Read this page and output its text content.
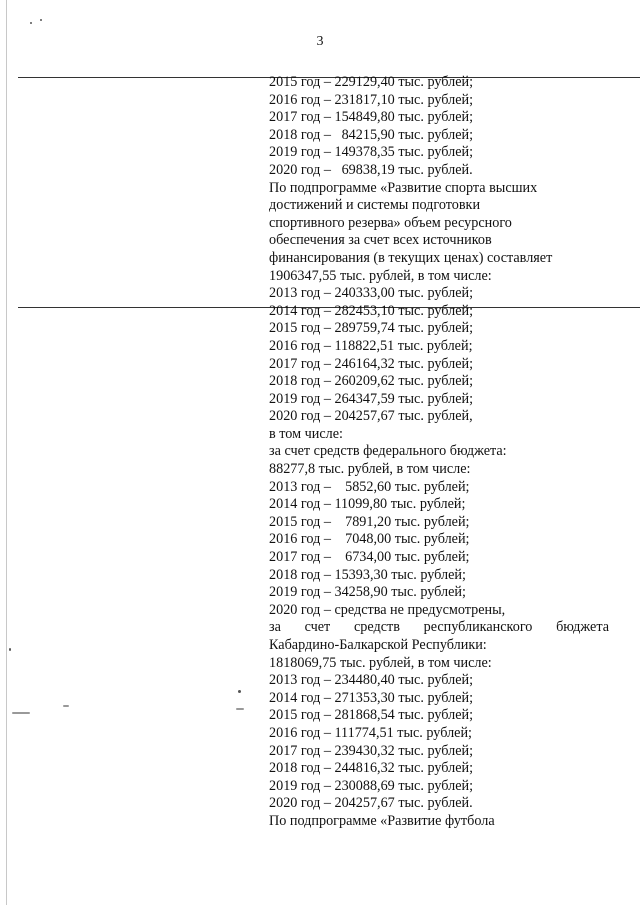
3
2015 год – 229129,40 тыс. рублей;
2016 год – 231817,10 тыс. рублей;
2017 год – 154849,80 тыс. рублей;
2018 год –   84215,90 тыс. рублей;
2019 год – 149378,35 тыс. рублей;
2020 год –   69838,19 тыс. рублей.
По подпрограмме «Развитие спорта высших
достижений и системы подготовки
спортивного резерва» объем ресурсного
обеспечения за счет всех источников
финансирования (в текущих ценах) составляет
1906347,55 тыс. рублей, в том числе:
2013 год – 240333,00 тыс. рублей;
2014 год – 282453,10 тыс. рублей;
2015 год – 289759,74 тыс. рублей;
2016 год – 118822,51 тыс. рублей;
2017 год – 246164,32 тыс. рублей;
2018 год – 260209,62 тыс. рублей;
2019 год – 264347,59 тыс. рублей;
2020 год – 204257,67 тыс. рублей,
в том числе:
за счет средств федерального бюджета:
88277,8 тыс. рублей, в том числе:
2013 год –    5852,60 тыс. рублей;
2014 год – 11099,80 тыс. рублей;
2015 год –    7891,20 тыс. рублей;
2016 год –    7048,00 тыс. рублей;
2017 год –    6734,00 тыс. рублей;
2018 год – 15393,30 тыс. рублей;
2019 год – 34258,90 тыс. рублей;
2020 год – средства не предусмотрены,
за счет средств республиканского бюджета
Кабардино-Балкарской Республики:
1818069,75 тыс. рублей, в том числе:
2013 год – 234480,40 тыс. рублей;
2014 год – 271353,30 тыс. рублей;
2015 год – 281868,54 тыс. рублей;
2016 год – 111774,51 тыс. рублей;
2017 год – 239430,32 тыс. рублей;
2018 год – 244816,32 тыс. рублей;
2019 год – 230088,69 тыс. рублей;
2020 год – 204257,67 тыс. рублей.
По подпрограмме «Развитие футбола
